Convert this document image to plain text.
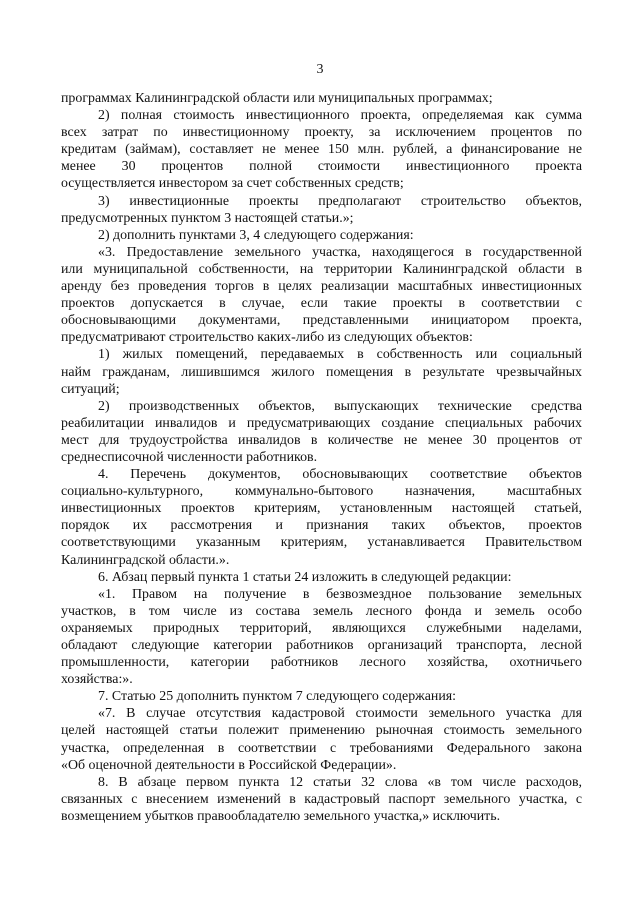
3
программах Калининградской области или муниципальных программах;
2) полная стоимость инвестиционного проекта, определяемая как сумма
всех затрат по инвестиционному проекту, за исключением процентов по
кредитам (займам), составляет не менее 150 млн. рублей, а финансирование не
менее 30 процентов полной стоимости инвестиционного проекта
осуществляется инвестором за счет собственных средств;
3) инвестиционные проекты предполагают строительство объектов,
предусмотренных пунктом 3 настоящей статьи.»;
2) дополнить пунктами 3, 4 следующего содержания:
«3. Предоставление земельного участка, находящегося в государственной
или муниципальной собственности, на территории Калининградской области в
аренду без проведения торгов в целях реализации масштабных инвестиционных
проектов допускается в случае, если такие проекты в соответствии с
обосновывающими документами, представленными инициатором проекта,
предусматривают строительство каких-либо из следующих объектов:
1) жилых помещений, передаваемых в собственность или социальный
найм гражданам, лишившимся жилого помещения в результате чрезвычайных
ситуаций;
2) производственных объектов, выпускающих технические средства
реабилитации инвалидов и предусматривающих создание специальных рабочих
мест для трудоустройства инвалидов в количестве не менее 30 процентов от
среднесписочной численности работников.
4. Перечень документов, обосновывающих соответствие объектов
социально-культурного, коммунально-бытового назначения, масштабных
инвестиционных проектов критериям, установленным настоящей статьей,
порядок их рассмотрения и признания таких объектов, проектов
соответствующими указанным критериям, устанавливается Правительством
Калининградской области.».
6. Абзац первый пункта 1 статьи 24 изложить в следующей редакции:
«1. Правом на получение в безвозмездное пользование земельных
участков, в том числе из состава земель лесного фонда и земель особо
охраняемых природных территорий, являющихся служебными наделами,
обладают следующие категории работников организаций транспорта, лесной
промышленности, категории работников лесного хозяйства, охотничьего
хозяйства:».
7. Статью 25 дополнить пунктом 7 следующего содержания:
«7. В случае отсутствия кадастровой стоимости земельного участка для
целей настоящей статьи полежит применению рыночная стоимость земельного
участка, определенная в соответствии с требованиями Федерального закона
«Об оценочной деятельности в Российской Федерации».
8. В абзаце первом пункта 12 статьи 32 слова «в том числе расходов,
связанных с внесением изменений в кадастровый паспорт земельного участка, с
возмещением убытков правообладателю земельного участка,» исключить.
